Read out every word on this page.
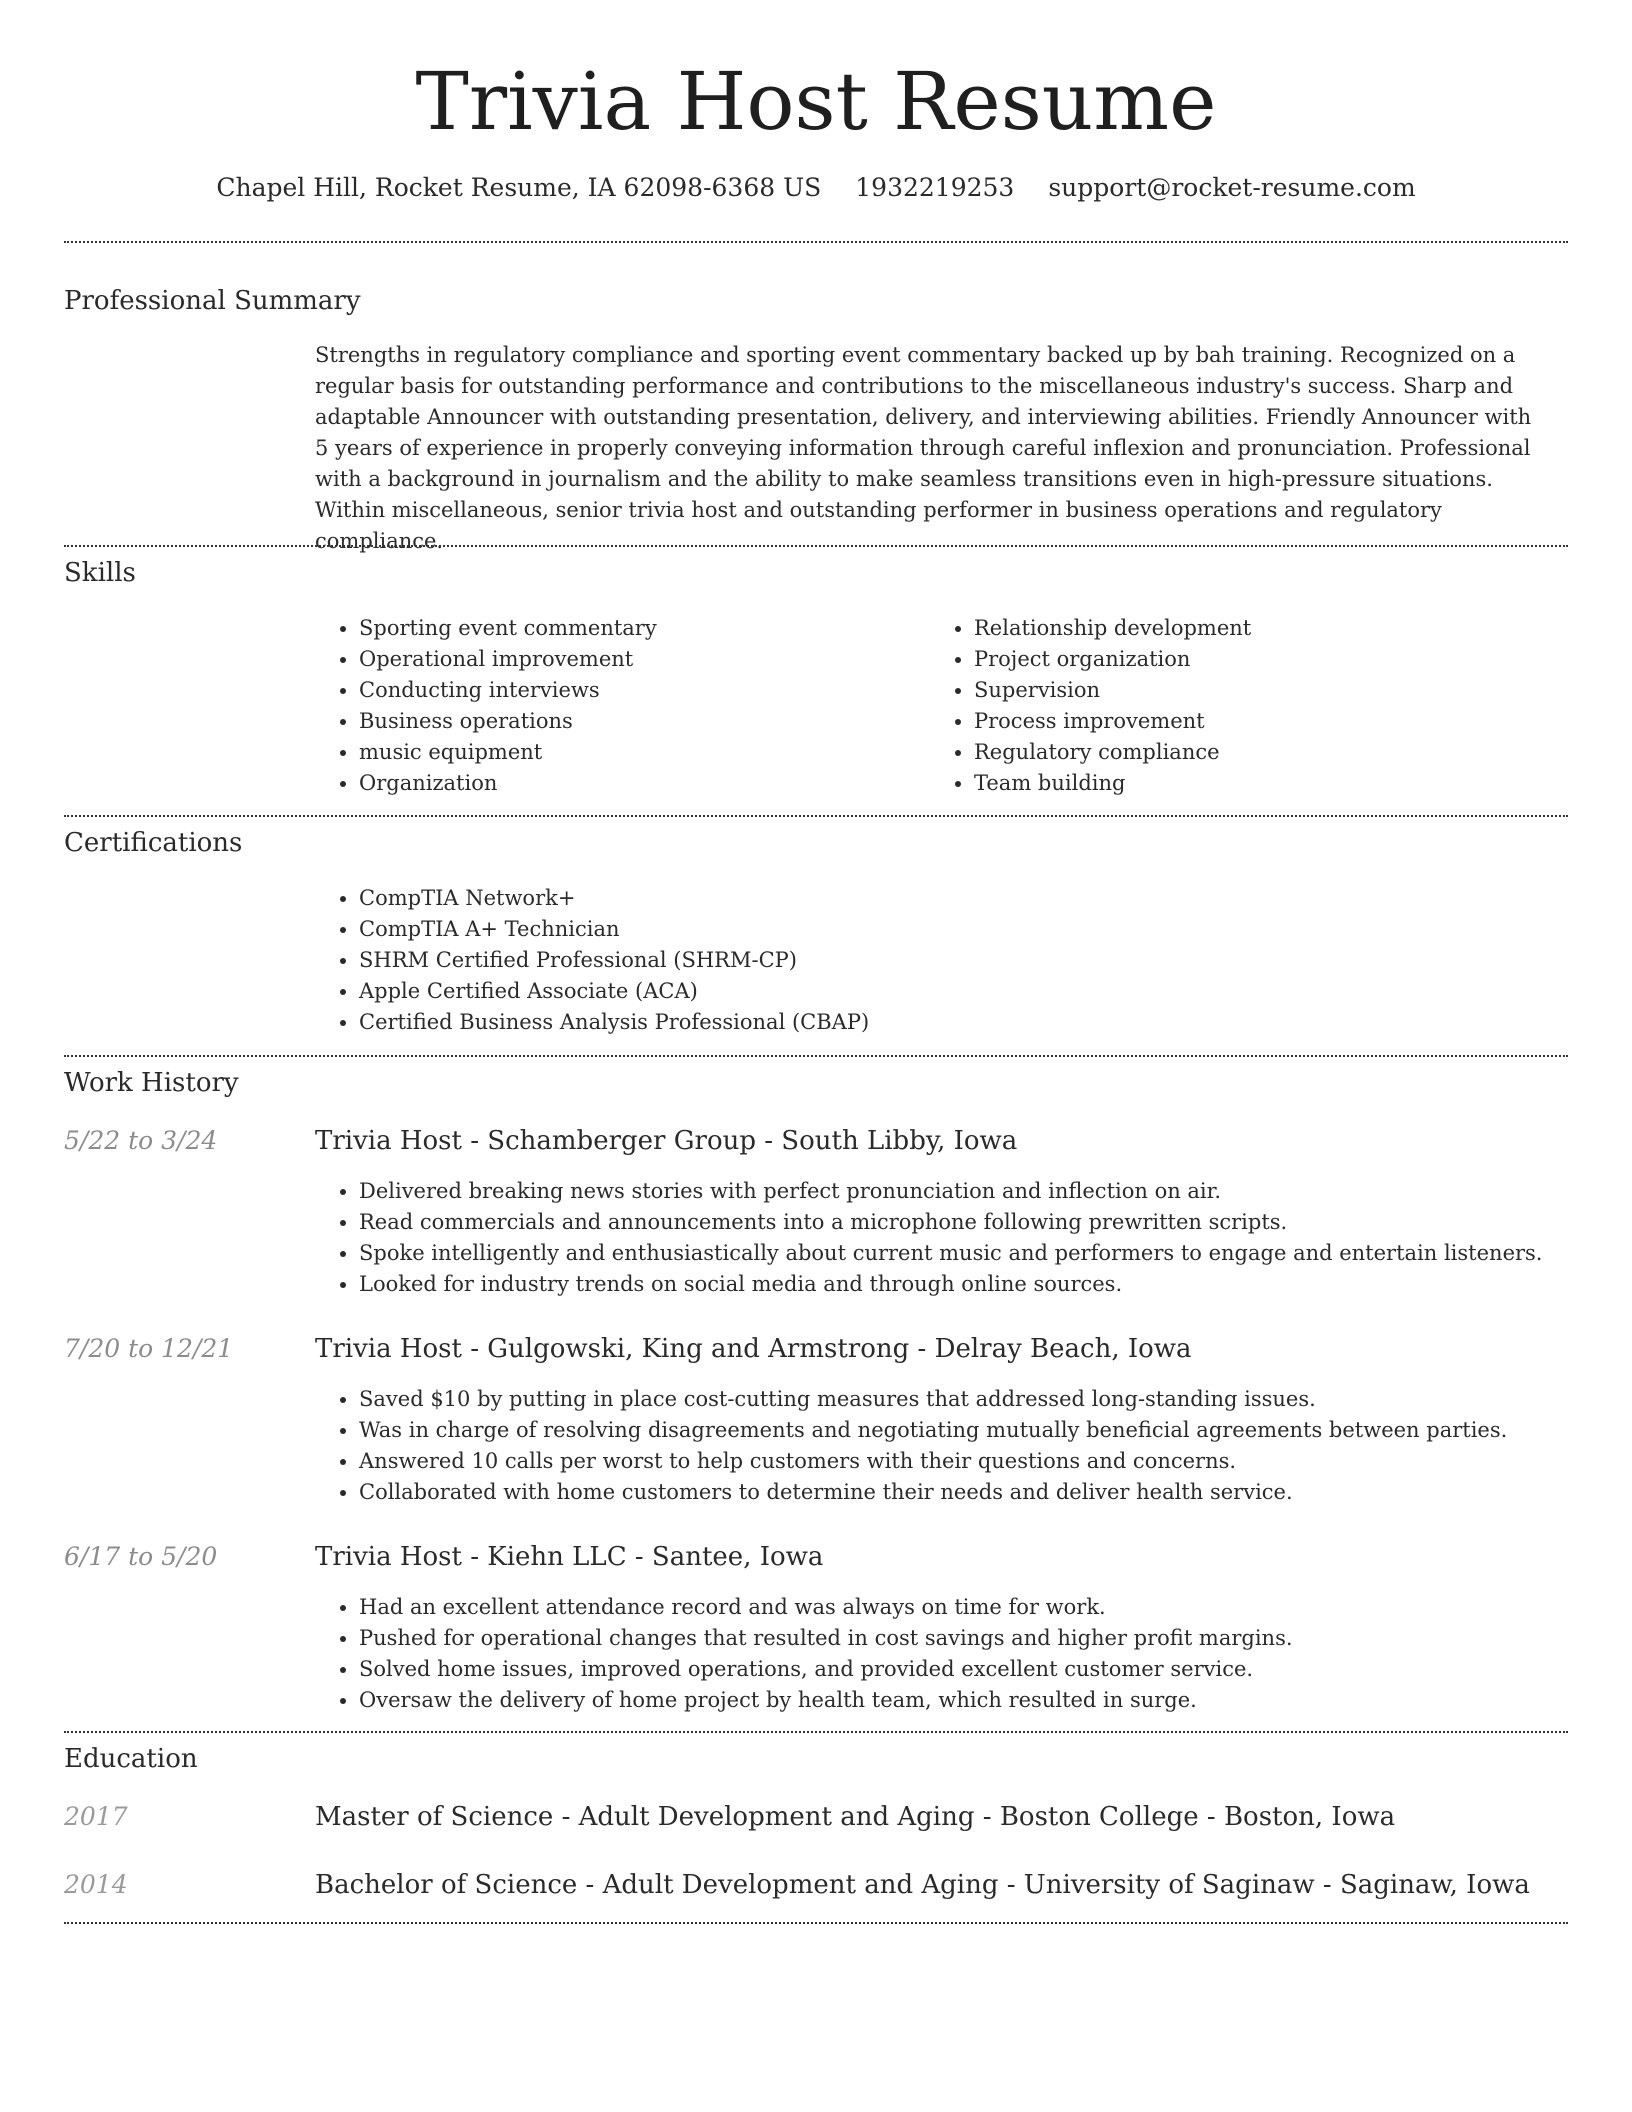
Trivia Host Resume
Chapel Hill, Rocket Resume, IA 62098-6368 US 1932219253 support@rocket-resume.com
Professional Summary

Strengths in regulatory compliance and sporting event commentary backed up by bah training. Recognized on a regular basis for outstanding performance and contributions to the miscellaneous industry's success. Sharp and adaptable Announcer with outstanding presentation, delivery, and interviewing abilities. Friendly Announcer with 5 years of experience in properly conveying information through careful inflexion and pronunciation. Professional with a background in journalism and the ability to make seamless transitions even in high-pressure situations. Within miscellaneous, senior trivia host and outstanding performer in business operations and regulatory compliance.

Skills
• Sporting event commentary
• Operational improvement
• Conducting interviews
• Business operations
• music equipment
• Organization
• Relationship development
• Project organization
• Supervision
• Process improvement
• Regulatory compliance
• Team building
Certifications
• CompTIA Network+
• CompTIA A+ Technician
• SHRM Certified Professional (SHRM-CP)
• Apple Certified Associate (ACA)
• Certified Business Analysis Professional (CBAP)
Work History
5/22 to 3/24	Trivia Host - Schamberger Group - South Libby, Iowa
• Delivered breaking news stories with perfect pronunciation and inflection on air.
• Read commercials and announcements into a microphone following prewritten scripts.
• Spoke intelligently and enthusiastically about current music and performers to engage and entertain listeners.
• Looked for industry trends on social media and through online sources.
7/20 to 12/21	Trivia Host - Gulgowski, King and Armstrong - Delray Beach, Iowa
• Saved $10 by putting in place cost-cutting measures that addressed long-standing issues.
• Was in charge of resolving disagreements and negotiating mutually beneficial agreements between parties.
• Answered 10 calls per worst to help customers with their questions and concerns.
• Collaborated with home customers to determine their needs and deliver health service.
6/17 to 5/20	Trivia Host - Kiehn LLC - Santee, Iowa
• Had an excellent attendance record and was always on time for work.
• Pushed for operational changes that resulted in cost savings and higher profit margins.
• Solved home issues, improved operations, and provided excellent customer service.
• Oversaw the delivery of home project by health team, which resulted in surge.
Education
2017	Master of Science - Adult Development and Aging - Boston College - Boston, Iowa
2014	Bachelor of Science - Adult Development and Aging - University of Saginaw - Saginaw, Iowa
